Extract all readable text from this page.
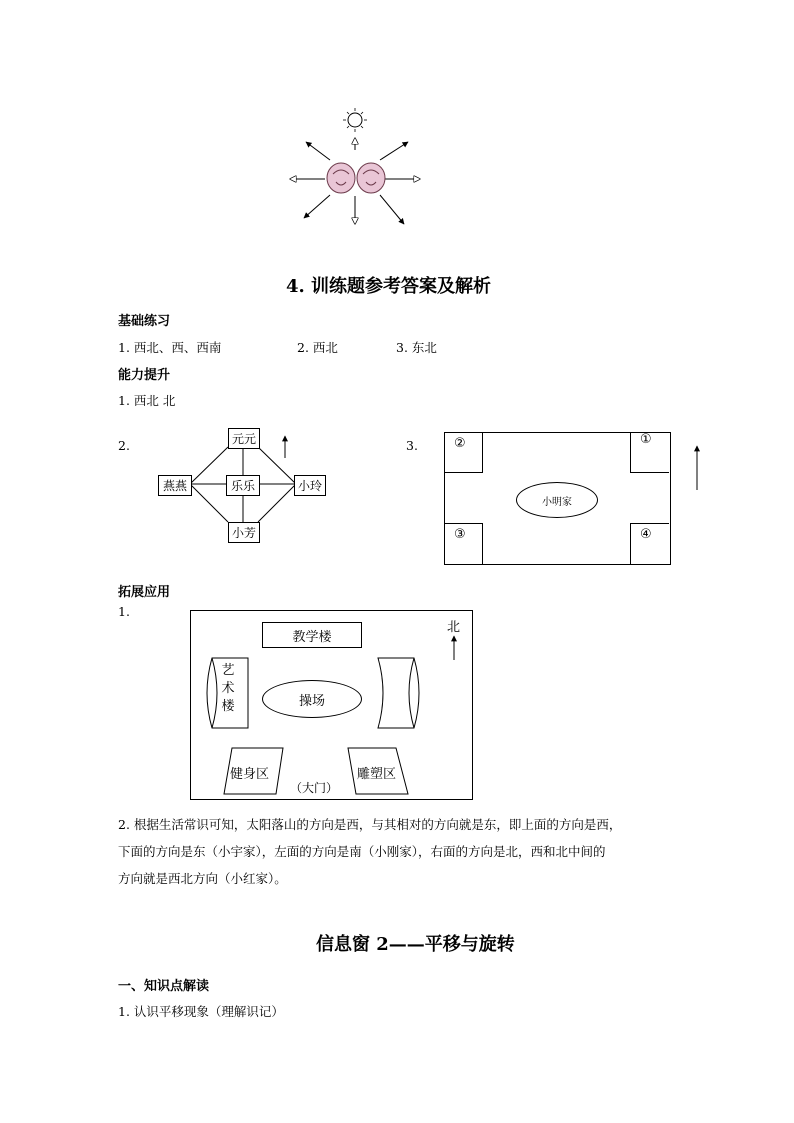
4. 训练题参考答案及解析
基础练习
1. 西北、西、西南	2. 西北	3. 东北
能力提升
1. 西北 北
2.	3.
元元
燕燕	乐乐	小玲
小芳
②	①
③	④
小明家
拓展应用
1.
教学楼
艺术楼	操场
健身区	雕塑区
（大门）
北
2. 根据生活常识可知，太阳落山的方向是西，与其相对的方向就是东，即上面的方向是西，
下面的方向是东（小宇家），左面的方向是南（小刚家），右面的方向是北，西和北中间的
方向就是西北方向（小红家）。
信息窗 2——平移与旋转
一、知识点解读
1. 认识平移现象（理解识记）
